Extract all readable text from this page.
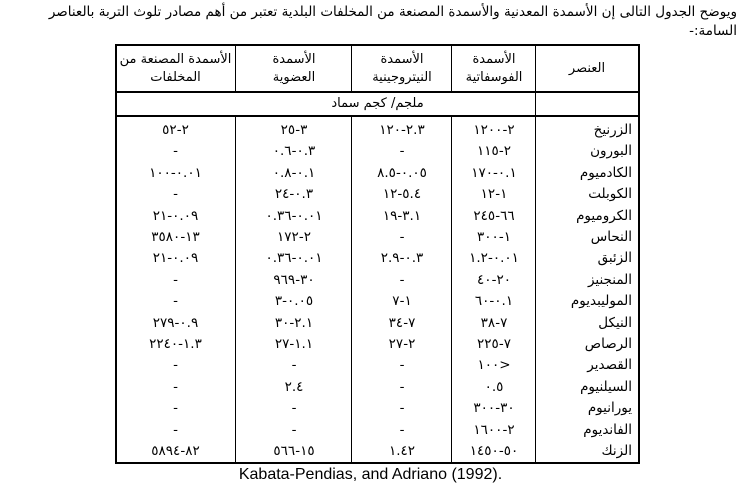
ويوضح الجدول التالى إن الأسمدة المعدنية والأسمدة المصنعة من المخلفات البلدية تعتبر من أهم مصادر تلوث التربة بالعناصر السامة:-
العنصر
الأسمدة الفوسفاتية
الأسمدة النيتروجينية
الأسمدة العضوية
الأسمدة المصنعة من المخلفات
ملجم/ كجم سماد
الزرنيخ
٢-١٢٠٠
٢.٣-١٢٠
٣-٢٥
٢-٥٢
البورون
٢-١١٥
-
٠.٣-٠.٦
-
الكادميوم
٠.١-١٧٠
٠.٠٥-٨.٥
٠.١-٠.٨
٠.٠١-١٠٠
الكوبلت
١-١٢
٥.٤-١٢
٠.٣-٢٤
-
الكروميوم
٦٦-٢٤٥
٣.١-١٩
٠.٠١-٠.٣٦
٠.٠٩-٢١
النحاس
١-٣٠٠
-
٢-١٧٢
١٣-٣٥٨٠
الزئبق
٠.٠١-١.٢
٠.٣-٢.٩
٠.٠١-٠.٣٦
٠.٠٩-٢١
المنجنيز
٢٠-٤٠
-
٣٠-٩٦٩
-
الموليبديوم
٠.١-٦٠
١-٧
٠.٠٥-٣
-
النيكل
٧-٣٨
٧-٣٤
٢.١-٣٠
٠.٩-٢٧٩
الرصاص
٧-٢٢٥
٢-٢٧
١.١-٢٧
١.٣-٢٢٤٠
القصدير
<١٠٠
-
-
-
السيلنيوم
٠.٥
-
٢.٤
-
يورانيوم
٣٠-٣٠٠
-
-
-
الفانديوم
٢-١٦٠٠
-
-
-
الزنك
٥٠-١٤٥٠
١.٤٢
١٥-٥٦٦
٨٢-٥٨٩٤
Kabata-Pendias, and Adriano (1992).
